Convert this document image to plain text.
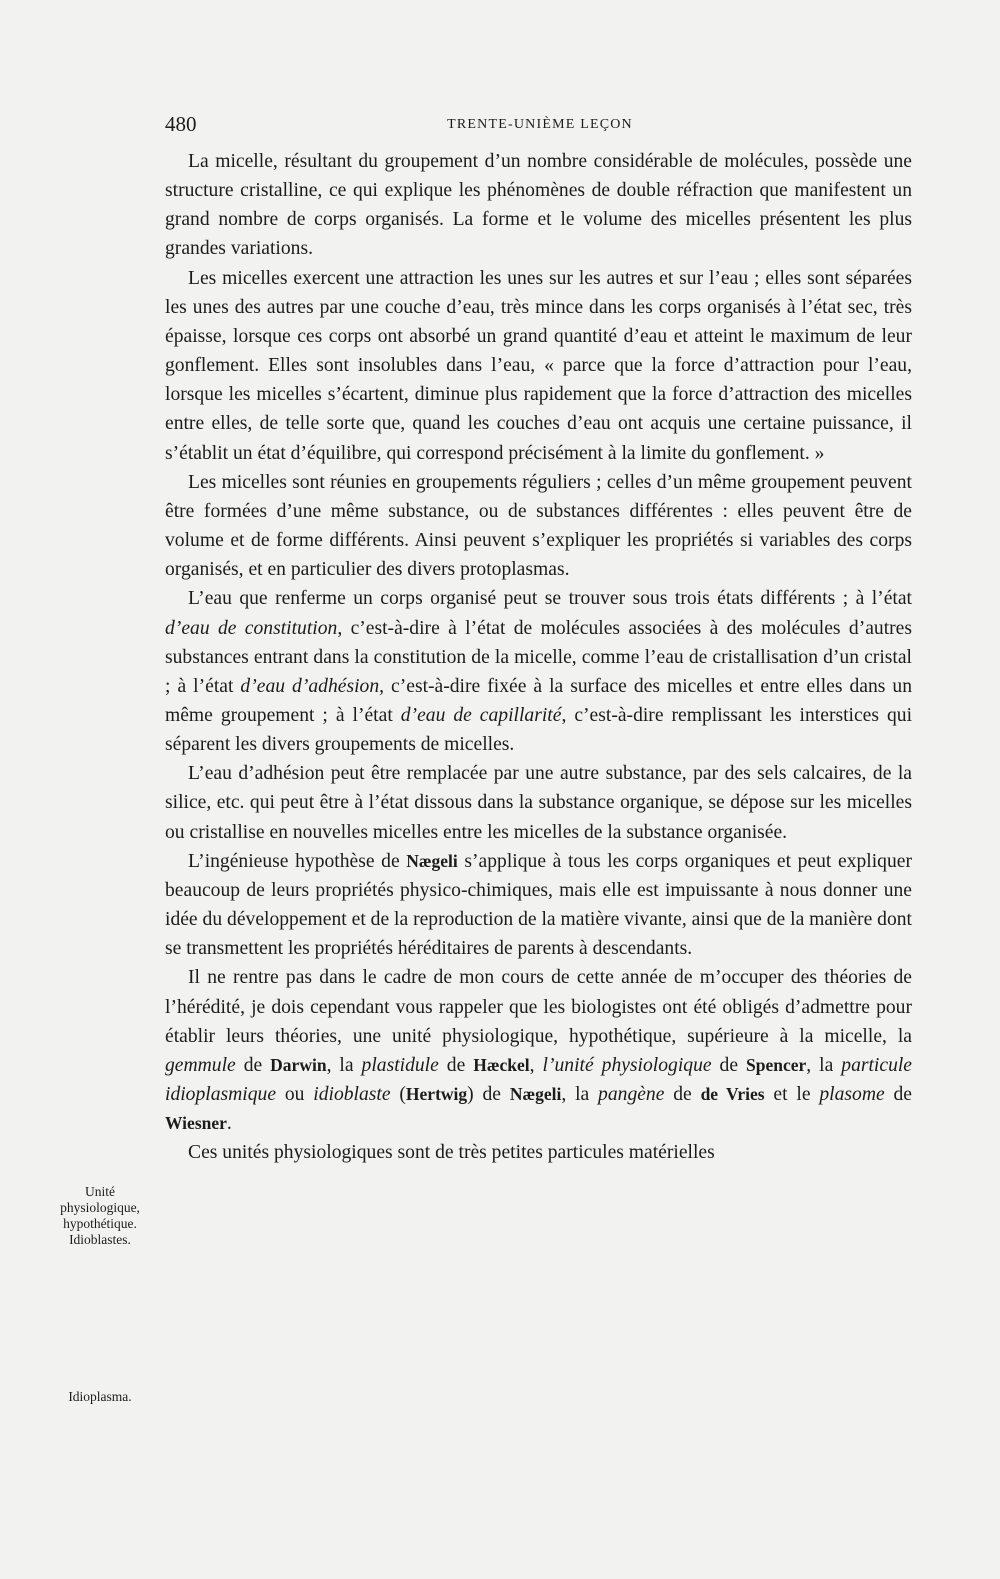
480	TRENTE-UNIÈME LEÇON

La micelle, résultant du groupement d’un nombre considérable de molécules, possède une structure cristalline, ce qui explique les phénomènes de double réfraction que manifestent un grand nombre de corps organisés. La forme et le volume des micelles présentent les plus grandes variations.

Les micelles exercent une attraction les unes sur les autres et sur l’eau ; elles sont séparées les unes des autres par une couche d’eau, très mince dans les corps organisés à l’état sec, très épaisse, lorsque ces corps ont absorbé un grand quantité d’eau et atteint le maximum de leur gonflement. Elles sont insolubles dans l’eau, « parce que la force d’attraction pour l’eau, lorsque les micelles s’écartent, diminue plus rapidement que la force d’attraction des micelles entre elles, de telle sorte que, quand les couches d’eau ont acquis une certaine puissance, il s’établit un état d’équilibre, qui correspond précisément à la limite du gonflement. »

Les micelles sont réunies en groupements réguliers ; celles d’un même groupement peuvent être formées d’une même substance, ou de substances différentes : elles peuvent être de volume et de forme différents. Ainsi peuvent s’expliquer les propriétés si variables des corps organisés, et en particulier des divers protoplasmas.

L’eau que renferme un corps organisé peut se trouver sous trois états différents ; à l’état d’eau de constitution, c’est-à-dire à l’état de molécules associées à des molécules d’autres substances entrant dans la constitution de la micelle, comme l’eau de cristallisation d’un cristal ; à l’état d’eau d’adhésion, c’est-à-dire fixée à la surface des micelles et entre elles dans un même groupement ; à l’état d’eau de capillarité, c’est-à-dire remplissant les interstices qui séparent les divers groupements de micelles.

L’eau d’adhésion peut être remplacée par une autre substance, par des sels calcaires, de la silice, etc. qui peut être à l’état dissous dans la substance organique, se dépose sur les micelles ou cristallise en nouvelles micelles entre les micelles de la substance organisée.

L’ingénieuse hypothèse de Nægeli s’applique à tous les corps organiques et peut expliquer beaucoup de leurs propriétés physico-chimiques, mais elle est impuissante à nous donner une idée du développement et de la reproduction de la matière vivante, ainsi que de la manière dont se transmettent les propriétés héréditaires de parents à descendants.

Il ne rentre pas dans le cadre de mon cours de cette année de m’occuper des théories de l’hérédité, je dois cependant vous rappeler que les biologistes ont été obligés d’admettre pour établir leurs théories, une unité physiologique, hypothétique, supérieure à la micelle, la gemmule de Darwin, la plastidule de Hæckel, l’unité physiologique de Spencer, la particule idioplasmique ou idioblaste (Hertwig) de Nægeli, la pangène de de Vries et le plasome de Wiesner.

Ces unités physiologiques sont de très petites particules matérielles

Unité
physiologique,
hypothétique.
Idioblastes.
Idioplasma.
